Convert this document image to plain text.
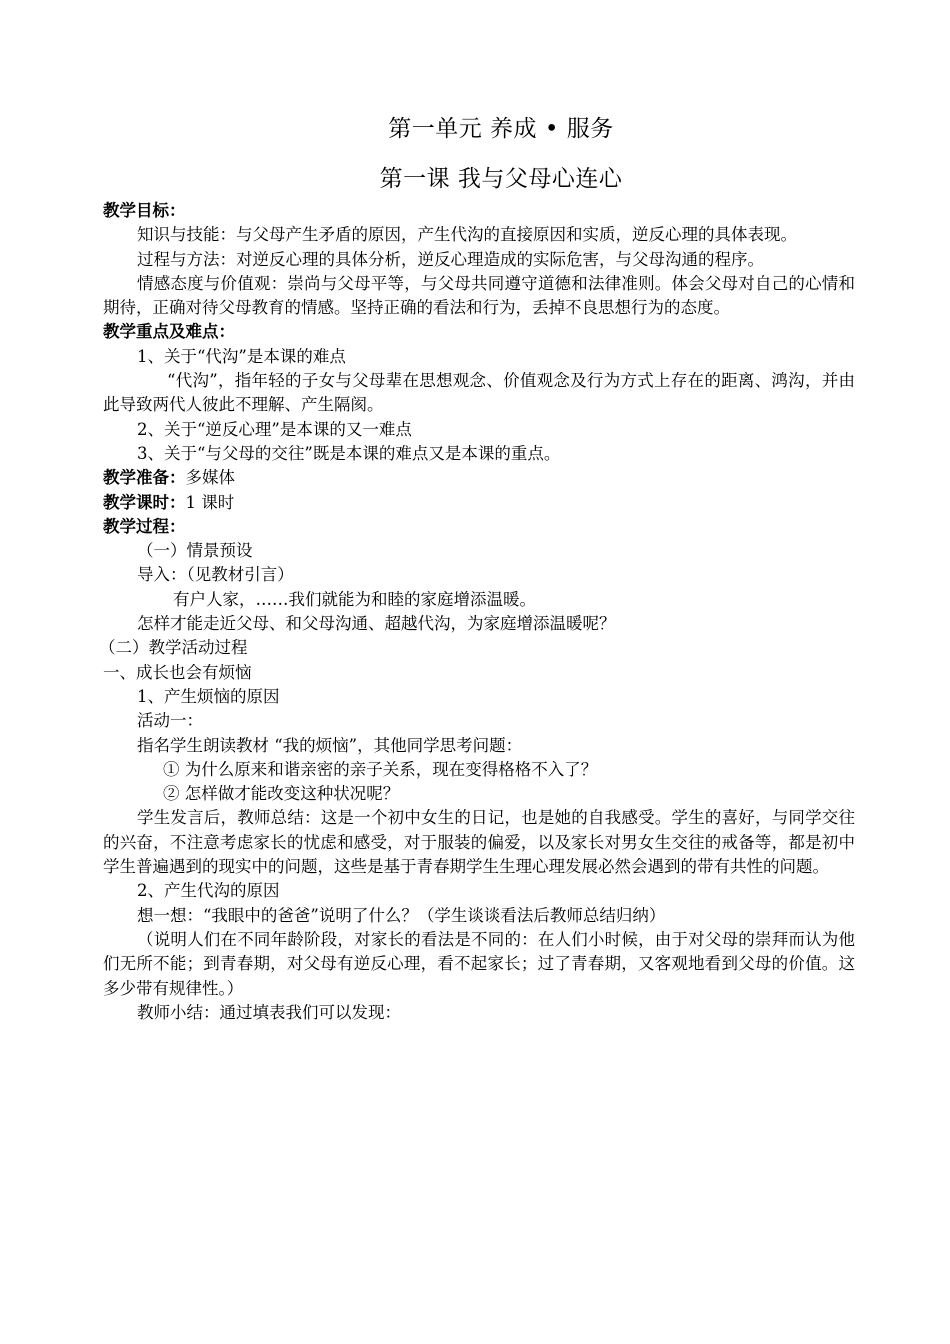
第一单元 养成 • 服务
第一课 我与父母心连心
教学目标：
知识与技能：与父母产生矛盾的原因，产生代沟的直接原因和实质，逆反心理的具体表现。
过程与方法：对逆反心理的具体分析，逆反心理造成的实际危害，与父母沟通的程序。
情感态度与价值观：崇尚与父母平等，与父母共同遵守道德和法律准则。体会父母对自己的心情和期待，正确对待父母教育的情感。坚持正确的看法和行为，丢掉不良思想行为的态度。
教学重点及难点：
1、关于“代沟”是本课的难点
“代沟”，指年轻的子女与父母辈在思想观念、价值观念及行为方式上存在的距离、鸿沟，并由此导致两代人彼此不理解、产生隔阂。
2、关于“逆反心理”是本课的又一难点
3、关于“与父母的交往”既是本课的难点又是本课的重点。
教学准备：多媒体
教学课时：1 课时
教学过程：
（一）情景预设
导入：（见教材引言）
有户人家，……我们就能为和睦的家庭增添温暖。
怎样才能走近父母、和父母沟通、超越代沟，为家庭增添温暖呢？
（二）教学活动过程
一、成长也会有烦恼
1、产生烦恼的原因
活动一：
指名学生朗读教材 “我的烦恼”，其他同学思考问题：
① 为什么原来和谐亲密的亲子关系，现在变得格格不入了？
② 怎样做才能改变这种状况呢？
学生发言后，教师总结：这是一个初中女生的日记，也是她的自我感受。学生的喜好，与同学交往的兴奋，不注意考虑家长的忧虑和感受，对于服装的偏爱，以及家长对男女生交往的戒备等，都是初中学生普遍遇到的现实中的问题，这些是基于青春期学生生理心理发展必然会遇到的带有共性的问题。
2、产生代沟的原因
想一想：“我眼中的爸爸”说明了什么？（学生谈谈看法后教师总结归纳）
（说明人们在不同年龄阶段，对家长的看法是不同的：在人们小时候，由于对父母的崇拜而认为他们无所不能；到青春期，对父母有逆反心理，看不起家长；过了青春期，又客观地看到父母的价值。这多少带有规律性。）
教师小结：通过填表我们可以发现：
